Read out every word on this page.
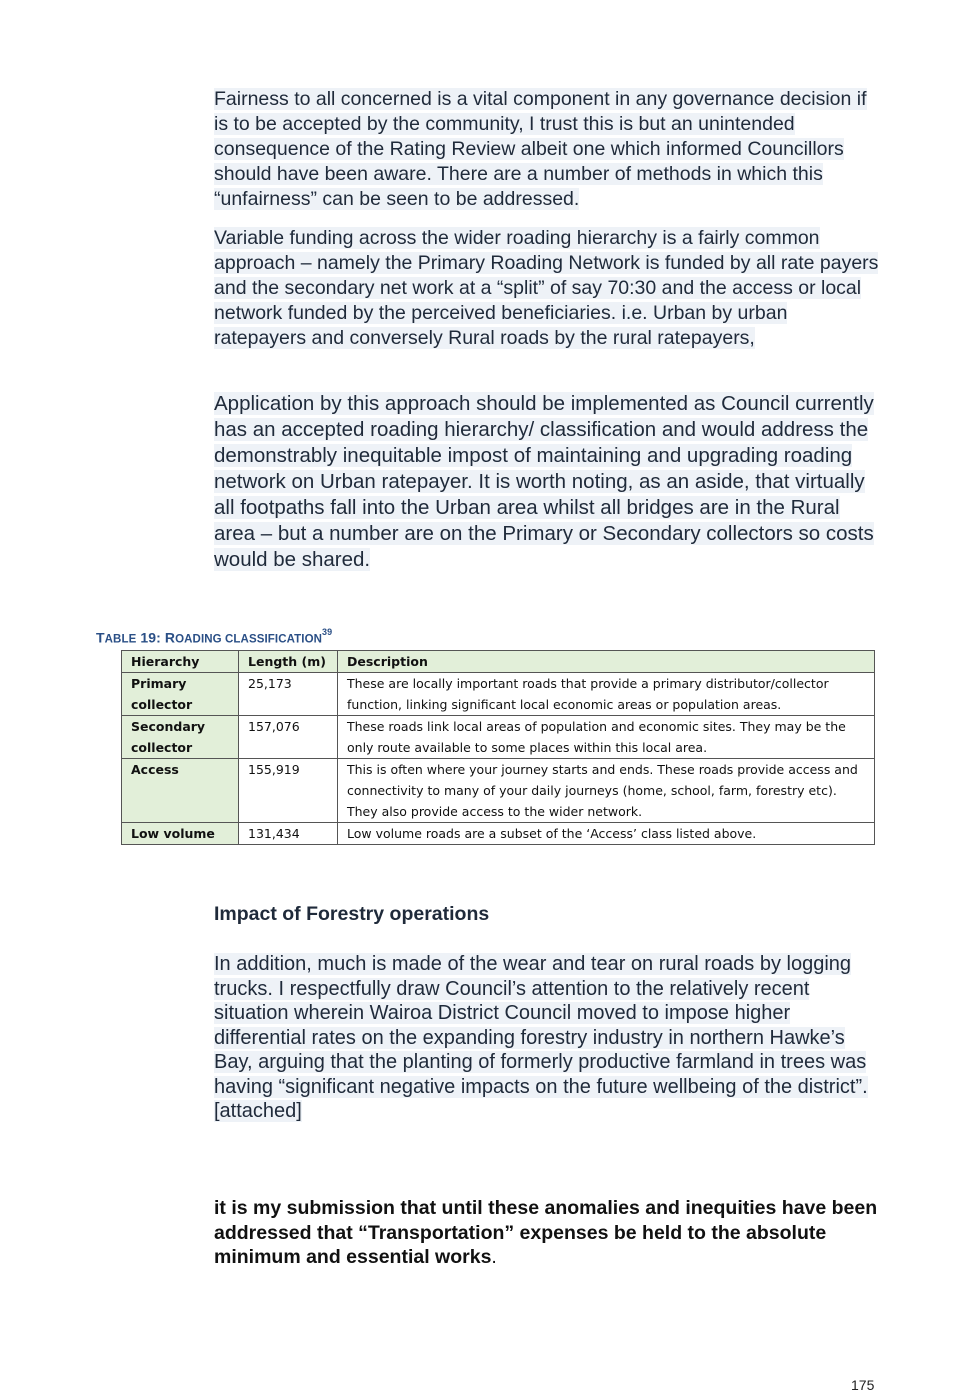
Fairness to all concerned is a vital component in any governance decision if is to be accepted by the community, I trust this is but an unintended consequence of the Rating Review albeit one which informed Councillors should have been aware. There are a number of methods in which this “unfairness” can be seen to be addressed.

Variable funding across the wider roading hierarchy is a fairly common approach – namely the Primary Roading Network is funded by all rate payers and the secondary net work at a “split” of say 70:30 and the access or local network funded by the perceived beneficiaries. i.e. Urban by urban ratepayers and conversely Rural roads by the rural ratepayers,

Application by this approach should be implemented as Council currently has an accepted roading hierarchy/ classification and would address the demonstrably inequitable impost of maintaining and upgrading roading network on Urban ratepayer. It is worth noting, as an aside, that virtually all footpaths fall into the Urban area whilst all bridges are in the Rural area – but a number are on the Primary or Secondary collectors so costs would be shared.

TABLE 19: ROADING CLASSIFICATION$^{39}$

Hierarchy	Length (m)	Description
Primary collector	25,173	These are locally important roads that provide a primary distributor/collector function, linking significant local economic areas or population areas.
Secondary collector	157,076	These roads link local areas of population and economic sites. They may be the only route available to some places within this local area.
Access	155,919	This is often where your journey starts and ends. These roads provide access and connectivity to many of your daily journeys (home, school, farm, forestry etc). They also provide access to the wider network.
Low volume	131,434	Low volume roads are a subset of the ‘Access’ class listed above.
Impact of Forestry operations

In addition, much is made of the wear and tear on rural roads by logging trucks. I respectfully draw Council’s attention to the relatively recent situation wherein Wairoa District Council moved to impose higher differential rates on the expanding forestry industry in northern Hawke’s Bay, arguing that the planting of formerly productive farmland in trees was having “significant negative impacts on the future wellbeing of the district”. [attached]

it is my submission that until these anomalies and inequities have been addressed that “Transportation” expenses be held to the absolute minimum and essential works.

175
